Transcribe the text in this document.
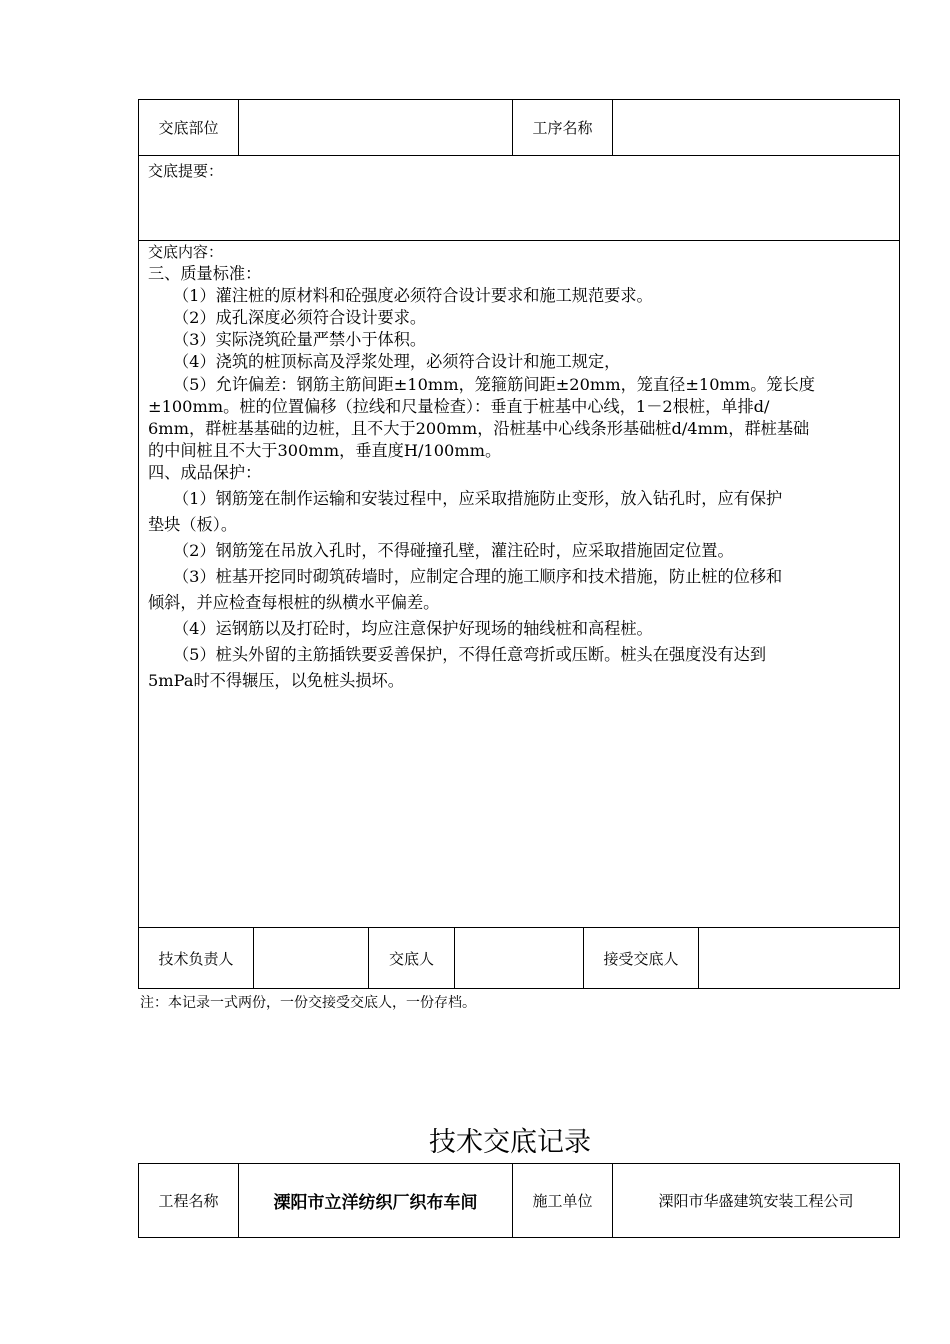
交底部位	工序名称
交底提要：

交底内容：

三、质量标准：

（1）灌注桩的原材料和砼强度必须符合设计要求和施工规范要求。

（2）成孔深度必须符合设计要求。

（3）实际浇筑砼量严禁小于体积。

（4）浇筑的桩顶标高及浮浆处理，必须符合设计和施工规定，

（5）允许偏差：钢筋主筋间距±10mm，笼箍筋间距±20mm，笼直径±10mm。笼长度

±100mm。桩的位置偏移（拉线和尺量检查）：垂直于桩基中心线，1－2根桩，单排d/

6mm，群桩基基础的边桩，且不大于200mm，沿桩基中心线条形基础桩d/4mm，群桩基础

的中间桩且不大于300mm，垂直度H/100mm。

四、成品保护：

（1）钢筋笼在制作运输和安装过程中，应采取措施防止变形，放入钻孔时，应有保护

垫块（板）。

（2）钢筋笼在吊放入孔时，不得碰撞孔壁，灌注砼时，应采取措施固定位置。

（3）桩基开挖同时砌筑砖墙时，应制定合理的施工顺序和技术措施，防止桩的位移和

倾斜，并应检查每根桩的纵横水平偏差。

（4）运钢筋以及打砼时，均应注意保护好现场的轴线桩和高程桩。

（5）桩头外留的主筋插铁要妥善保护，不得任意弯折或压断。桩头在强度没有达到

5mPa时不得辗压，以免桩头损坏。

技术负责人	交底人	接受交底人
注：本记录一式两份，一份交接受交底人，一份存档。
技术交底记录
工程名称	溧阳市立洋纺织厂织布车间	施工单位	溧阳市华盛建筑安装工程公司
